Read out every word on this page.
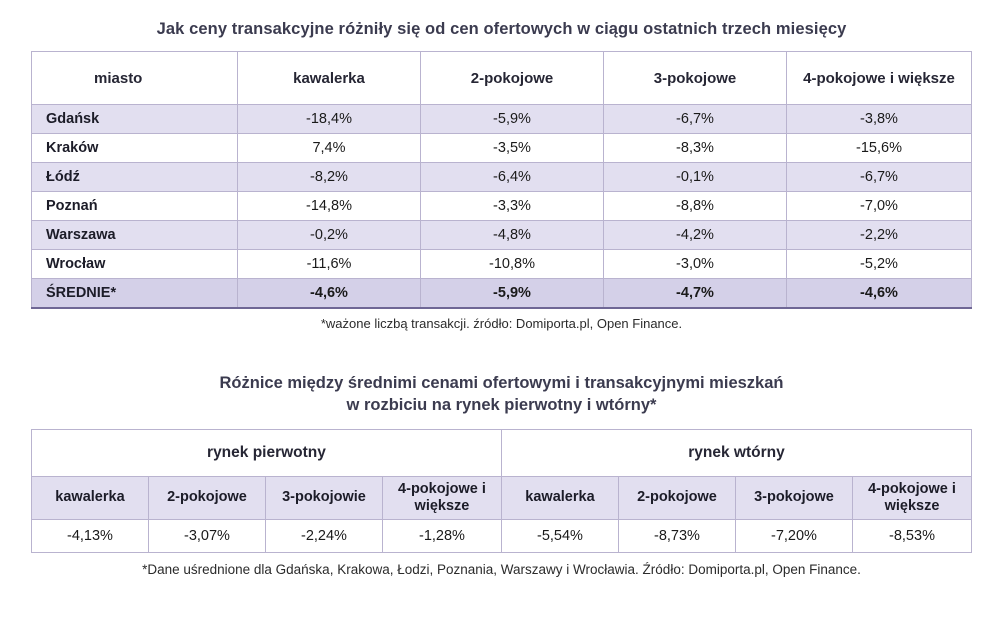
Jak ceny transakcyjne różniły się od cen ofertowych w ciągu ostatnich trzech miesięcy
miasto	kawalerka	2-pokojowe	3-pokojowe	4-pokojowe i większe
Gdańsk	-18,4%	-5,9%	-6,7%	-3,8%
Kraków	7,4%	-3,5%	-8,3%	-15,6%
Łódź	-8,2%	-6,4%	-0,1%	-6,7%
Poznań	-14,8%	-3,3%	-8,8%	-7,0%
Warszawa	-0,2%	-4,8%	-4,2%	-2,2%
Wrocław	-11,6%	-10,8%	-3,0%	-5,2%
ŚREDNIE*	-4,6%	-5,9%	-4,7%	-4,6%
*ważone liczbą transakcji. źródło: Domiporta.pl, Open Finance.
Różnice między średnimi cenami ofertowymi i transakcyjnymi mieszkań
w rozbiciu na rynek pierwotny i wtórny*
rynek pierwotny				rynek wtórny			
kawalerka	2-pokojowe	3-pokojowie	4-pokojowe i większe	kawalerka	2-pokojowe	3-pokojowe	4-pokojowe i większe
-4,13%	-3,07%	-2,24%	-1,28%	-5,54%	-8,73%	-7,20%	-8,53%
*Dane uśrednione dla Gdańska, Krakowa, Łodzi, Poznania, Warszawy i Wrocławia. Źródło: Domiporta.pl, Open Finance.
